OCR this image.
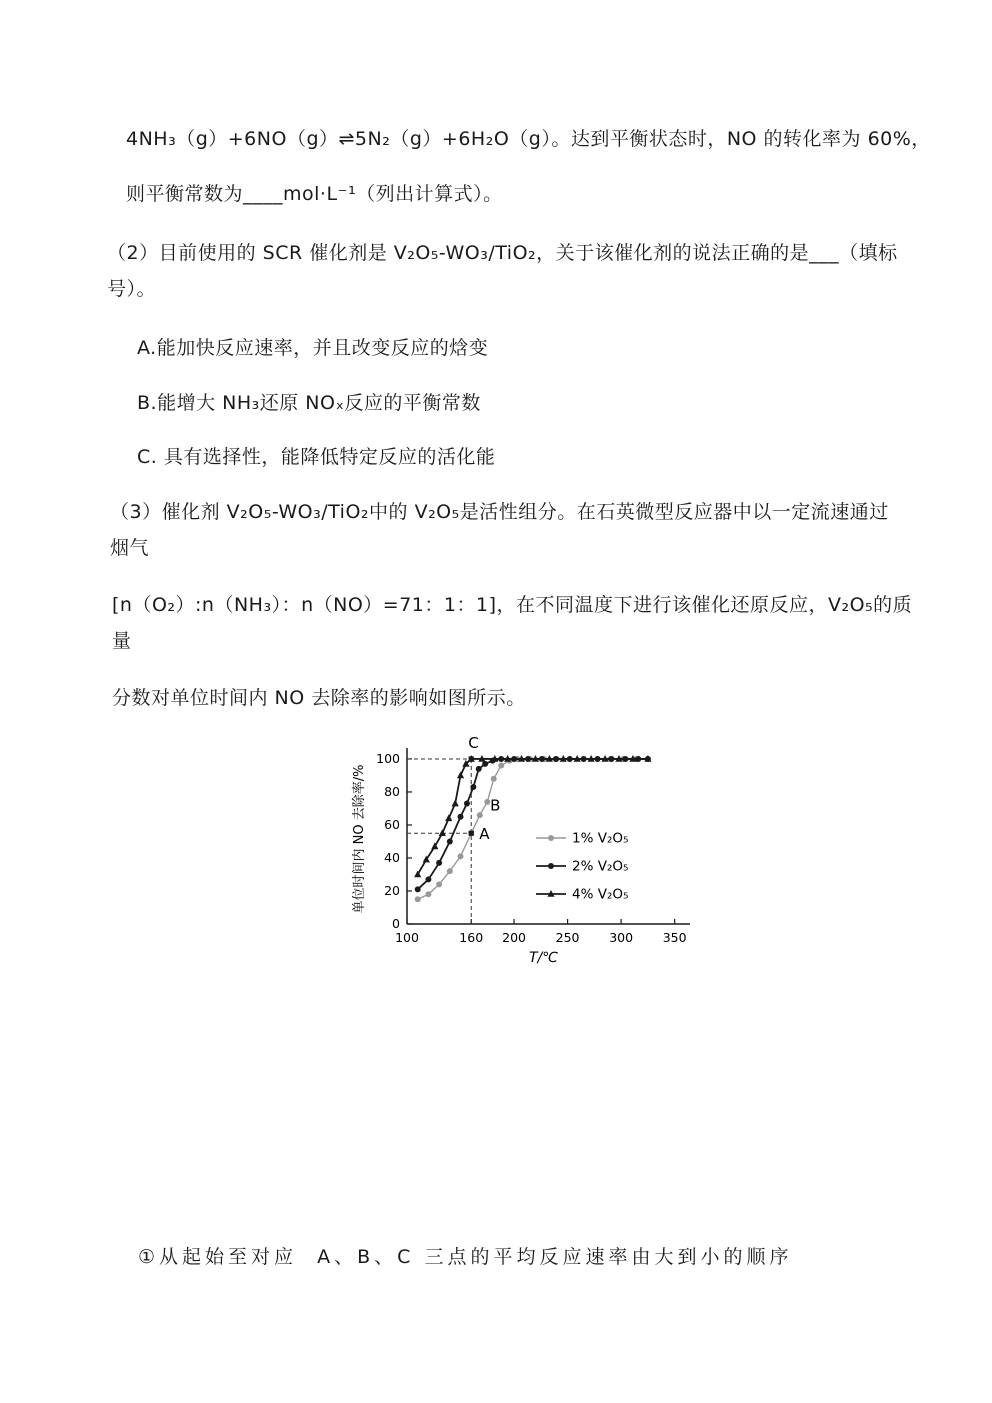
4NH₃（g）+6NO（g）⇌5N₂（g）+6H₂O（g）。达到平衡状态时，NO 的转化率为 60%，
则平衡常数为____mol·L⁻¹（列出计算式）。
（2）目前使用的 SCR 催化剂是 V₂O₅-WO₃/TiO₂，关于该催化剂的说法正确的是___（填标
号）。
A.能加快反应速率，并且改变反应的焓变
B.能增大 NH₃还原 NOₓ反应的平衡常数
C. 具有选择性，能降低特定反应的活化能
（3）催化剂 V₂O₅-WO₃/TiO₂中的 V₂O₅是活性组分。在石英微型反应器中以一定流速通过
烟气
[n（O₂）:n（NH₃）：n（NO）=71：1：1]，在不同温度下进行该催化还原反应，V₂O₅的质
量
分数对单位时间内 NO 去除率的影响如图所示。
0
20
40
60
80
100
100	160 200 250 300 350
T/℃
单位时间内 NO 去除率/%	A
B
C
1% V₂O₅
2% V₂O₅
4% V₂O₅
①从起始至对应  A、B、C 三点的平均反应速率由大到小的顺序
